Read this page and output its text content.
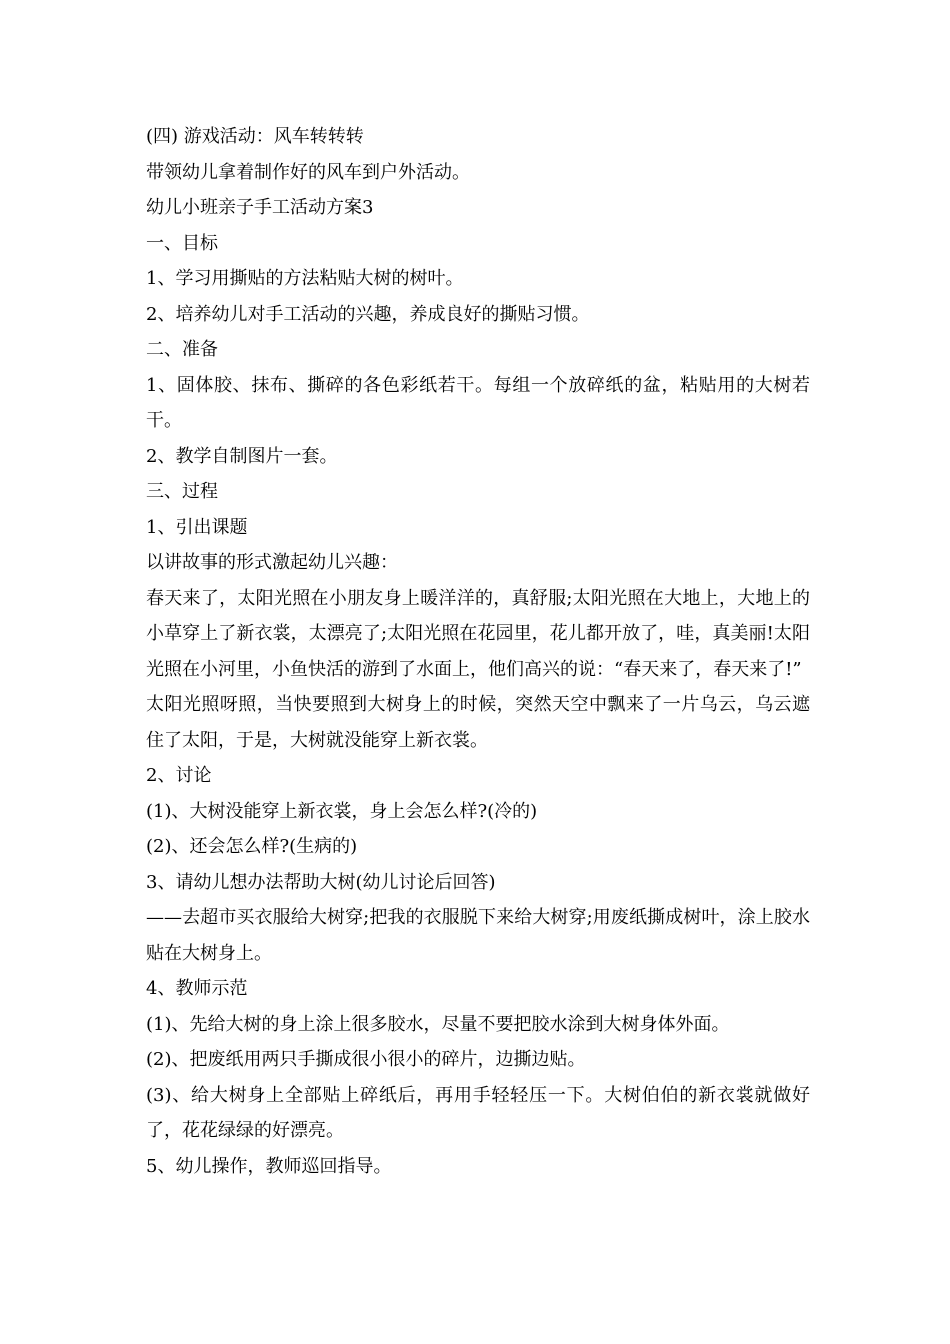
(四) 游戏活动：风车转转转

带领幼儿拿着制作好的风车到户外活动。

幼儿小班亲子手工活动方案3

一、目标

1、学习用撕贴的方法粘贴大树的树叶。

2、培养幼儿对手工活动的兴趣，养成良好的撕贴习惯。

二、准备

1、固体胶、抹布、撕碎的各色彩纸若干。每组一个放碎纸的盆，粘贴用的大树若干。

2、教学自制图片一套。

三、过程

1、引出课题

以讲故事的形式激起幼儿兴趣：

春天来了，太阳光照在小朋友身上暖洋洋的，真舒服;太阳光照在大地上，大地上的小草穿上了新衣裳，太漂亮了;太阳光照在花园里，花儿都开放了，哇，真美丽!太阳光照在小河里，小鱼快活的游到了水面上，他们高兴的说：“春天来了，春天来了!”

太阳光照呀照，当快要照到大树身上的时候，突然天空中飘来了一片乌云，乌云遮住了太阳，于是，大树就没能穿上新衣裳。

2、讨论

(1)、大树没能穿上新衣裳，身上会怎么样?(冷的)

(2)、还会怎么样?(生病的)

3、请幼儿想办法帮助大树(幼儿讨论后回答)

——去超市买衣服给大树穿;把我的衣服脱下来给大树穿;用废纸撕成树叶，涂上胶水贴在大树身上。

4、教师示范

(1)、先给大树的身上涂上很多胶水，尽量不要把胶水涂到大树身体外面。

(2)、把废纸用两只手撕成很小很小的碎片，边撕边贴。

(3)、给大树身上全部贴上碎纸后，再用手轻轻压一下。大树伯伯的新衣裳就做好了，花花绿绿的好漂亮。

5、幼儿操作，教师巡回指导。
